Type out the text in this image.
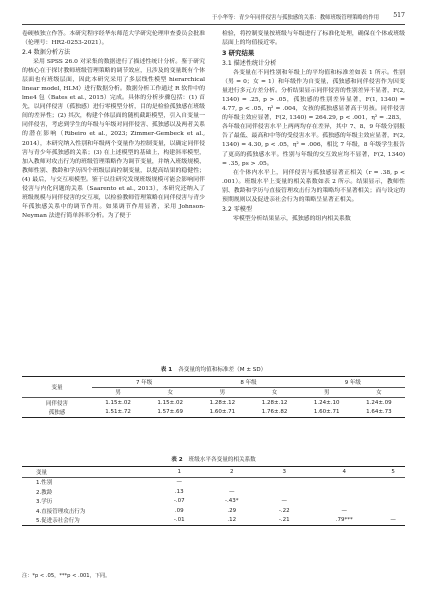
于小华等：青少年同伴侵害与孤独感的关系：教师班级管理策略的作用 517

卷硬核独立作答。本研究程序经华东师范大学研究伦理审查委员会批准（伦理号：HR2-0253-2021）。

2.4 数据分析方法

采用 SPSS 26.0 对采集的数据进行了描述性统计分析。鉴于研究的核心在于探讨教师班级管理策略的调节效应，且涉及的变量既有个体层面也有班级层面，因此本研究采用了多层线性模型 hierarchical linear model, HLM）进行数据分析。数据分析工作通过 R 软件中的 lme4 包（Bates et al., 2015）完成。具体的分析步骤包括：(1) 首先，以同伴侵害（孤独感）进行零模型分析，目的是检验孤独感在班级间的差异性；(2) 其次，构建个体层面的随机截距模型，引入自变量一同伴侵害，考虑到学生的年级与年级对同伴侵害、孤独感以及两者关系的潜在影响（Ribeiro et al., 2023; Zimmer-Gembeck et al., 2014），本研究纳入性别和年级两个变量作为控制变量，以确定同伴侵害与青少年孤独感的关系；(3) 在上述模型的基础上，构建斜率模型，加入教师对攻击行为的班级管理策略作为调节变量，并纳入班级规模、教师性别、教龄和学历四个班级层面控制变量，以提高结果的稳健性；(4) 最后，与交互项模型。鉴于以往研究发现班级规模可能会影响同伴侵害与内化问题的关系（Saarento et al., 2013），本研究还纳入了班级规模与同伴侵害的交互项，以检验教师管理策略在同伴侵害与青少年孤独感关系中的调节作用。如果调节作用显著，采用 Johnson-Neyman 法进行简单斜率分析。为了便于

检验，将控制变量按班级与年级进行了标准化处理，确保在个体或班级层面上的均值接近零。

3 研究结果
3.1 描述性统计分析

各变量在不同性别和年级上的平均值和标准差如表 1 所示。性别（男 = 0；女 = 1）和年级作为自变量，孤独感和同伴侵害作为因变量进行多元方差分析。分析结果显示同伴侵害的性别差异不显著，F(2, 1340) = .25, p > .05，孤独感的性别差异显著，F(1, 1340) = 4.77, p < .05，η² = .004，女孩的孤独感显著高于男孩。同伴侵害的年级主效应显著，F(2, 1340) = 264.29, p < .001，η² = .283，各年级在同伴侵害水平上两两均存在差异，其中 7、8、9 年级分别报告了最低、最高和中等的受侵害水平。孤独感的年级主效应显著，F(2, 1340) = 4.30, p < .05，η² = .006，相比 7 年级，8 年级学生报告了更高的孤独感水平。性别与年级的交互效应均不显著，F(2, 1340) = .35, ps > .05。

在个体内水平上，同伴侵害与孤独感显著正相关（r = .38, p < .001）。班级水平上变量的相关系数如表 2 所示。结果显示，教师性别、教龄和学历与直接管理攻击行为的策略均不显著相关；而与设定的预期规则以及促进亲社会行为的策略呈显著正相关。

3.2 零模型

零模型分析结果显示，孤独感的组内相关系数

表 1 各变量的均值和标准差（M ± SD）
变量	7 年级		8 年级		9 年级	
	男	女	男	女	男	女
同伴侵害	1.15±.02	1.15±.02	1.28±.12	1.28±.12	1.24±.10	1.24±.09
孤独感	1.51±.72	1.57±.69	1.60±.71	1.76±.82	1.60±.71	1.64±.73
表 2 班级水平各变量的相关系数
变量	1	2	3	4	5
1.性别	—				
2.教龄	.13	—			
3.学历	-.07	-.43*	—		
4.直接管理攻击行为	.09	.29	-.22	—	
5.促进亲社会行为	-.01	.12	-.21	.79***	—
注：*p < .05，***p < .001，下同。
